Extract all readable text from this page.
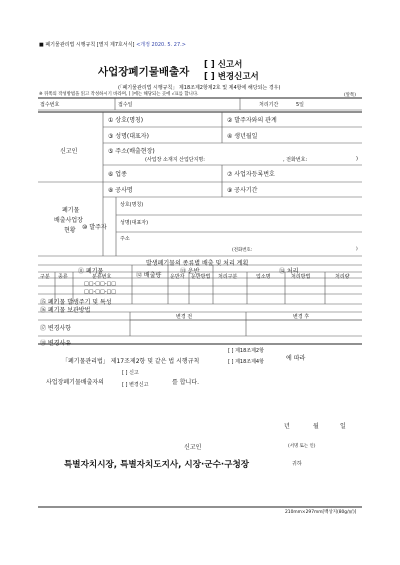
■ 폐기물관리법 시행규칙 [별지 제7호서식] <개정 2020. 5. 27.>
사업장폐기물배출자
[ ] 신고서
[ ] 변경신고서
(「폐기물관리법 시행규칙」 제18조제2항제2호 및 제4항에 해당되는 경우)
※ 뒤쪽의 작성방법을 읽고 작성하시기 바라며, [ ]에는 해당되는 곳에 √표를 합니다.	(앞쪽)
접수번호	접수일	처리기간	5일
신고인
① 상호(명칭)	② 발주자와의 관계
③ 성명(대표자)	④ 생년월일
⑤ 주소(배출현장)
(사업장 소재지 산업단지명:	, 전화번호:	)
⑥ 업종	⑦ 사업자등록번호
폐기물
배출사업장
현황
⑧ 공사명	⑨ 공사기간
⑩ 발주자
상호(명칭)
성명(대표자)
주소
(전화번호:	)
발생폐기물의 종류별 배출 및 처리 계획
⑪ 폐기물
⑫ 배출량
⑬ 운반	⑭ 처리
구분 종류	분류번호	운반자 운반방법 처리구분	업소명	처리방법	처리량
□□-□□-□□
□□-□□-□□
⑮ 폐기물 발생주기 및 특성
⑯ 폐기물 보관방법
변경 전	변경 후
⑰ 변경사항
⑱ 변경사유
「폐기물관리법」 제17조제2항 및 같은 법 시행규칙
[ ] 제18조제2항
[ ] 제18조제4항	에 따라
사업장폐기물배출자의
[ ] 신고
[ ] 변경신고	를 합니다.
년	월	일
신고인	(서명 또는 인)
특별자치시장, 특별자치도지사, 시장·군수·구청장	귀하
210mm×297mm[백상지(80g/㎡)]
